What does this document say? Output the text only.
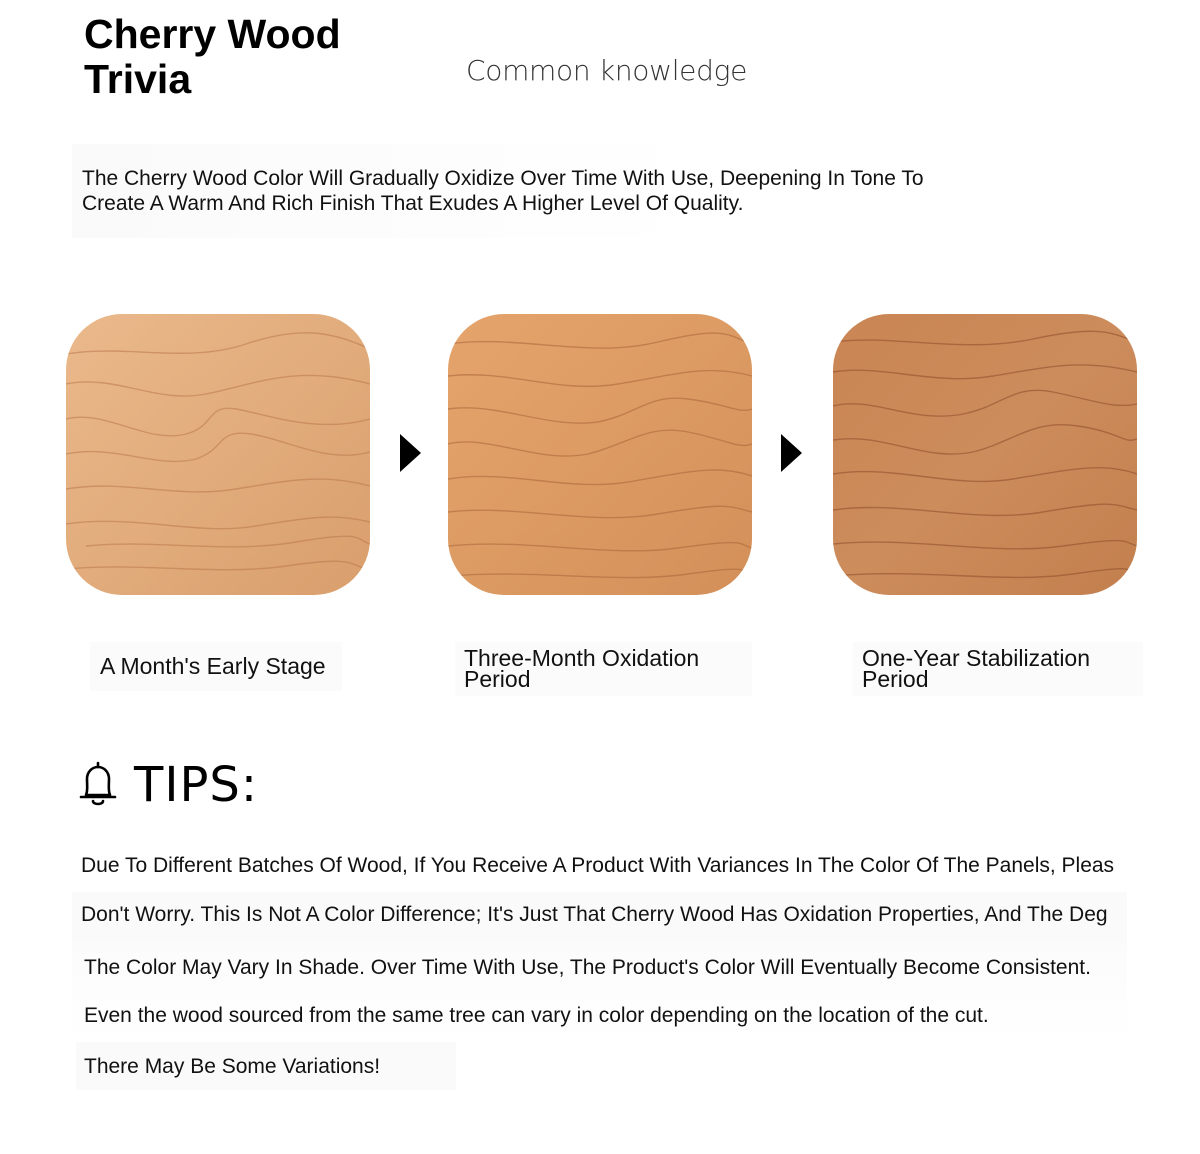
Cherry Wood
Trivia	Common knowledge

The Cherry Wood Color Will Gradually Oxidize Over Time With Use, Deepening In Tone To Create A Warm And Rich Finish That Exudes A Higher Level Of Quality.

A Month's Early Stage	Three-Month Oxidation Period
One-Year Stabilization Period
TIPS:
Due To Different Batches Of Wood, If You Receive A Product With Variances In The Color Of The Panels, Pleas
Don't Worry. This Is Not A Color Difference; It's Just That Cherry Wood Has Oxidation Properties, And The Deg
The Color May Vary In Shade. Over Time With Use, The Product's Color Will Eventually Become Consistent.
Even the wood sourced from the same tree can vary in color depending on the location of the cut.
There May Be Some Variations!
